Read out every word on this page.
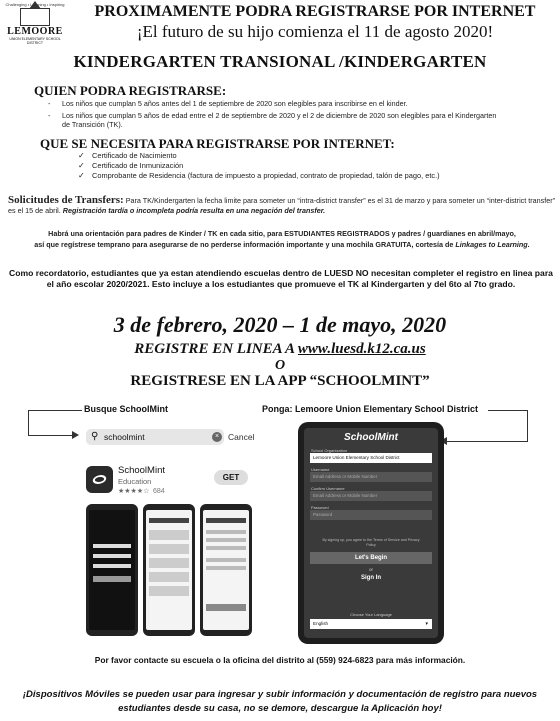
Challenging • Learning • Inspiring
LEMOORE
UNION ELEMENTARY SCHOOL DISTRICT
PROXIMAMENTE PODRA REGISTRARSE POR INTERNET
¡El futuro de su hijo comienza el 11 de agosto 2020!
KINDERGARTEN TRANSIONAL /KINDERGARTEN
QUIEN PODRA REGISTRARSE:
- Los niños que cumplan 5 años antes del 1 de septiembre de 2020 son elegibles para inscribirse en el kinder.
- Los niños que cumplan 5 años de edad entre el 2 de septiembre de 2020 y el 2 de diciembre de 2020 son elegibles para el Kindergarten de Transición (TK).
QUE SE NECESITA PARA REGISTRARSE POR INTERNET:
✓ Certificado de Nacimiento
✓ Certificado de Inmunización
✓ Comprobante de Residencia (factura de impuesto a propiedad, contrato de propiedad, talón de pago, etc.)
Solicitudes de Transfers: Para TK/Kindergarten la fecha limite para someter un “intra-district transfer” es el 31 de marzo y para someter un “inter-district transfer” es el 15 de abril. Registración tardía o incompleta podría resulta en una negación del transfer.
Habrá una orientación para padres de Kinder / TK en cada sitio, para ESTUDIANTES REGISTRADOS y padres / guardianes en abril/mayo,
así que regístrese temprano para asegurarse de no perderse información importante y una mochila GRATUITA, cortesía de Linkages to Learning.
Como recordatorio, estudiantes que ya estan atendiendo escuelas dentro de LUESD NO necesitan completer el registro en linea para el año escolar 2020/2021. Esto incluye a los estudiantes que promueve el TK al Kindergarten y del 6to al 7to grado.
3 de febrero, 2020 – 1 de mayo, 2020
REGISTRE EN LINEA A www.luesd.k12.ca.us
O
REGISTRESE EN LA APP “SCHOOLMINT”
Busque SchoolMint	Ponga: Lemoore Union Elementary School District
⚲ schoolmint	×	Cancel
SchoolMint
Education
★★★★☆ 684
GET
SchoolMint
School Organization
Lemoore Union Elementary School District
Username
Email Address or Mobile Number
Confirm Username
Email Address or Mobile Number
Password
Password
By signing up, you agree to the Terms of Service and Privacy Policy
Let's Begin
or
Sign In
Choose Your Language
English	▾
Por favor contacte su escuela o la oficina del distrito al (559) 924-6823 para más información.
¡Dispositivos Móviles se pueden usar para ingresar y subir información y documentación de registro para nuevos estudiantes desde su casa, no se demore, descargue la Aplicación hoy!
